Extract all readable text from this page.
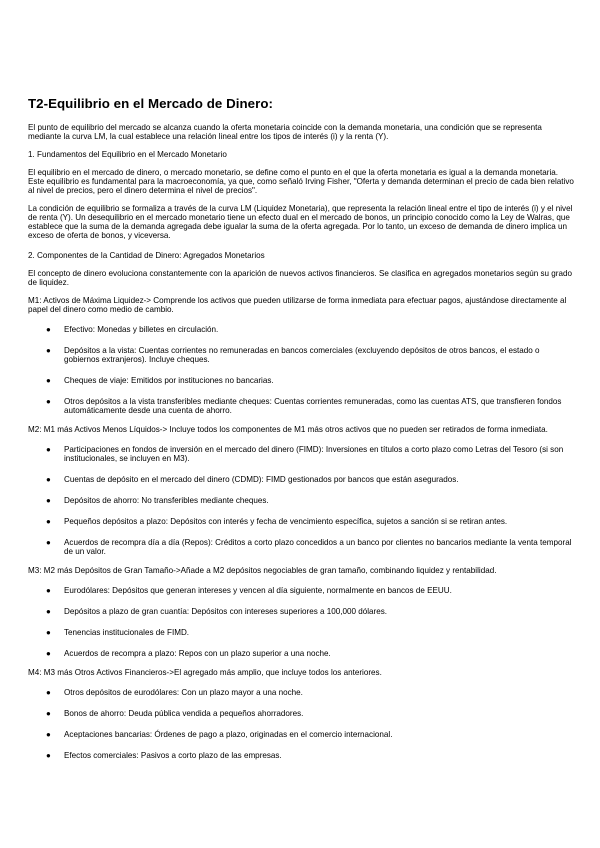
T2-Equilibrio en el Mercado de Dinero:

El punto de equilibrio del mercado se alcanza cuando la oferta monetaria coincide con la demanda monetaria, una condición que se representa mediante la curva LM, la cual establece una relación lineal entre los tipos de interés (i) y la renta (Y).

1. Fundamentos del Equilibrio en el Mercado Monetario

El equilibrio en el mercado de dinero, o mercado monetario, se define como el punto en el que la oferta monetaria es igual a la demanda monetaria. Este equilibrio es fundamental para la macroeconomía, ya que, como señaló Irving Fisher, "Oferta y demanda determinan el precio de cada bien relativo al nivel de precios, pero el dinero determina el nivel de precios".

La condición de equilibrio se formaliza a través de la curva LM (Liquidez Monetaria), que representa la relación lineal entre el tipo de interés (i) y el nivel de renta (Y). Un desequilibrio en el mercado monetario tiene un efecto dual en el mercado de bonos, un principio conocido como la Ley de Walras, que establece que la suma de la demanda agregada debe igualar la suma de la oferta agregada. Por lo tanto, un exceso de demanda de dinero implica un exceso de oferta de bonos, y viceversa.

2. Componentes de la Cantidad de Dinero: Agregados Monetarios

El concepto de dinero evoluciona constantemente con la aparición de nuevos activos financieros. Se clasifica en agregados monetarios según su grado de liquidez.

M1: Activos de Máxima Liquidez-> Comprende los activos que pueden utilizarse de forma inmediata para efectuar pagos, ajustándose directamente al papel del dinero como medio de cambio.

● Efectivo: Monedas y billetes en circulación.
● Depósitos a la vista: Cuentas corrientes no remuneradas en bancos comerciales (excluyendo depósitos de otros bancos, el estado o gobiernos extranjeros). Incluye cheques.
● Cheques de viaje: Emitidos por instituciones no bancarias.
● Otros depósitos a la vista transferibles mediante cheques: Cuentas corrientes remuneradas, como las cuentas ATS, que transfieren fondos automáticamente desde una cuenta de ahorro.

M2: M1 más Activos Menos Líquidos-> Incluye todos los componentes de M1 más otros activos que no pueden ser retirados de forma inmediata.

● Participaciones en fondos de inversión en el mercado del dinero (FIMD): Inversiones en títulos a corto plazo como Letras del Tesoro (si son institucionales, se incluyen en M3).
● Cuentas de depósito en el mercado del dinero (CDMD): FIMD gestionados por bancos que están asegurados.
● Depósitos de ahorro: No transferibles mediante cheques.
● Pequeños depósitos a plazo: Depósitos con interés y fecha de vencimiento específica, sujetos a sanción si se retiran antes.
● Acuerdos de recompra día a día (Repos): Créditos a corto plazo concedidos a un banco por clientes no bancarios mediante la venta temporal de un valor.

M3: M2 más Depósitos de Gran Tamaño->Añade a M2 depósitos negociables de gran tamaño, combinando liquidez y rentabilidad.

● Eurodólares: Depósitos que generan intereses y vencen al día siguiente, normalmente en bancos de EEUU.
● Depósitos a plazo de gran cuantía: Depósitos con intereses superiores a 100,000 dólares.
● Tenencias institucionales de FIMD.
● Acuerdos de recompra a plazo: Repos con un plazo superior a una noche.

M4: M3 más Otros Activos Financieros->El agregado más amplio, que incluye todos los anteriores.

● Otros depósitos de eurodólares: Con un plazo mayor a una noche.
● Bonos de ahorro: Deuda pública vendida a pequeños ahorradores.
● Aceptaciones bancarias: Órdenes de pago a plazo, originadas en el comercio internacional.
● Efectos comerciales: Pasivos a corto plazo de las empresas.
